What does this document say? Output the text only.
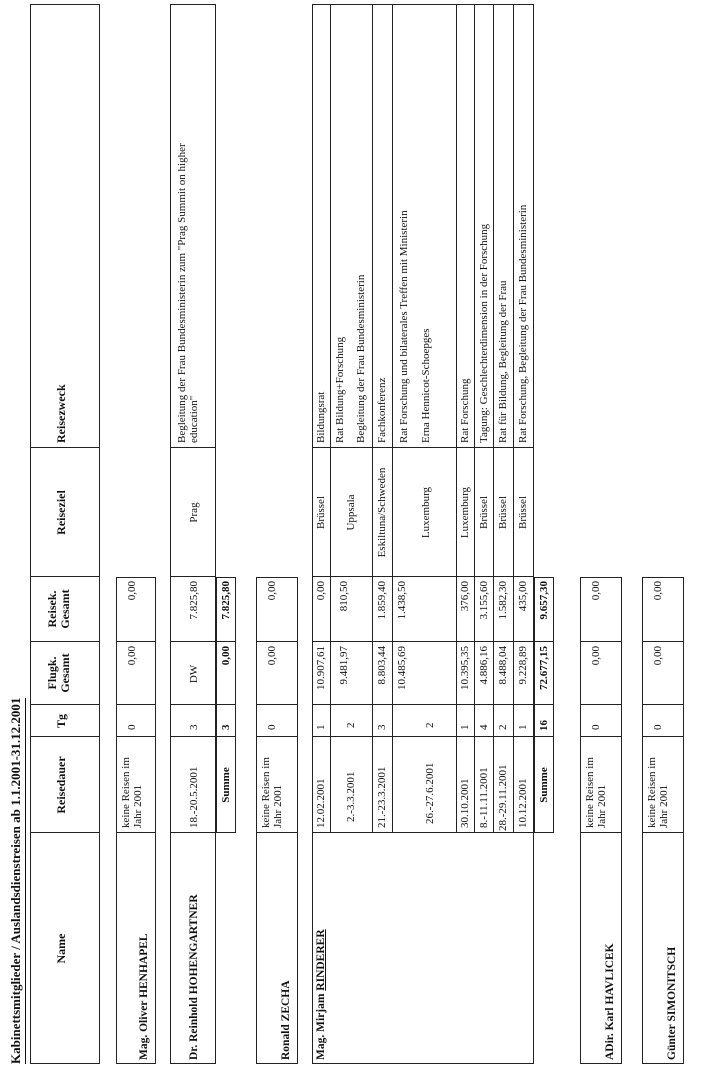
Kabinettsmitglieder / Auslandsdienstreisen ab 1.1.2001-31.12.2001	Name
Reisedauer
Tg
Flugk. Gesamt
Reisek. Gesamt
Reiseziel
Reisezweck
Mag. Oliver HENHAPEL
keine Reisen im Jahr 2001
0
0,00
0,00
Dr. Reinhold HOHENGARTNER
18.-20.5.2001
3
DW
7.825,80
Prag
Begleitung der Frau Bundesministerin zum "Prag Summit on higher education"
Summe
3
0,00
7.825,80
Ronald ZECHA
keine Reisen im Jahr 2001
0
0,00
0,00
Mag. Mirjam RINDERER
12.02.2001
1
10.907,61
0,00
Brüssel
Bildungsrat
2.-3.3.2001
2
9.481,97
810,50
Uppsala
Rat Bildung+Forschung Begleitung der Frau Bundesministerin
21.-23.3.2001
3
8.803,44
1.859,40
Eskiltuna/Schweden
Fachkonferenz
26.-27.6.2001
2
10.485,69
1.438,50
Luxemburg
Rat Forschung und bilaterales Treffen mit Ministerin Erna Hennicot-Schoepges
30.10.2001
1
10.395,35
376,00
Luxemburg
Rat Forschung
8.-11.11.2001
4
4.886,16
3.155,60
Brüssel
Tagung: Geschlechterdimension in der Forschung
28.-29.11.2001
2
8.488,04
1.582,30
Brüssel
Rat für Bildung, Begleitung der Frau
10.12.2001
1
9.228,89
435,00
Brüssel
Rat Forschung, Begleitung der Frau Bundesministerin
Summe
16
72.677,15
9.657,30
ADir. Karl HAVLICEK
keine Reisen im Jahr 2001
0
0,00
0,00
Günter SIMONITSCH
keine Reisen im Jahr 2001
0
0,00
0,00
